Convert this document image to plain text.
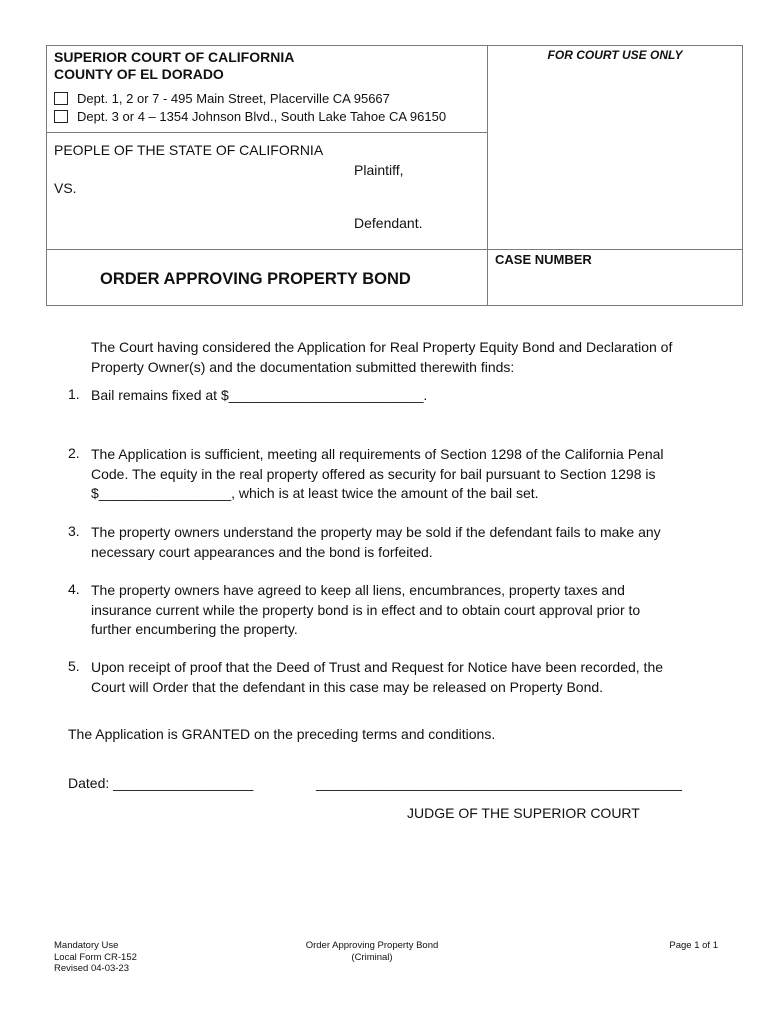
SUPERIOR COURT OF CALIFORNIA
COUNTY OF EL DORADO
Dept. 1, 2 or 7 - 495 Main Street, Placerville CA 95667
Dept. 3 or 4 – 1354 Johnson Blvd., South Lake Tahoe CA 96150
FOR COURT USE ONLY
PEOPLE OF THE STATE OF CALIFORNIA
Plaintiff,
VS.
Defendant.
ORDER APPROVING PROPERTY BOND
CASE NUMBER
The Court having considered the Application for Real Property Equity Bond and Declaration of
Property Owner(s) and the documentation submitted therewith finds:
1. Bail remains fixed at $_________________________.
2. The Application is sufficient, meeting all requirements of Section 1298 of the California Penal
Code. The equity in the real property offered as security for bail pursuant to Section 1298 is
$_________________, which is at least twice the amount of the bail set.
3. The property owners understand the property may be sold if the defendant fails to make any
necessary court appearances and the bond is forfeited.
4. The property owners have agreed to keep all liens, encumbrances, property taxes and
insurance current while the property bond is in effect and to obtain court approval prior to
further encumbering the property.
5. Upon receipt of proof that the Deed of Trust and Request for Notice have been recorded, the
Court will Order that the defendant in this case may be released on Property Bond.
The Application is GRANTED on the preceding terms and conditions.
Dated: __________________	_______________________________________________
JUDGE OF THE SUPERIOR COURT
Mandatory Use
Local Form CR-152
Revised 04-03-23
Order Approving Property Bond
(Criminal)
Page 1 of 1
